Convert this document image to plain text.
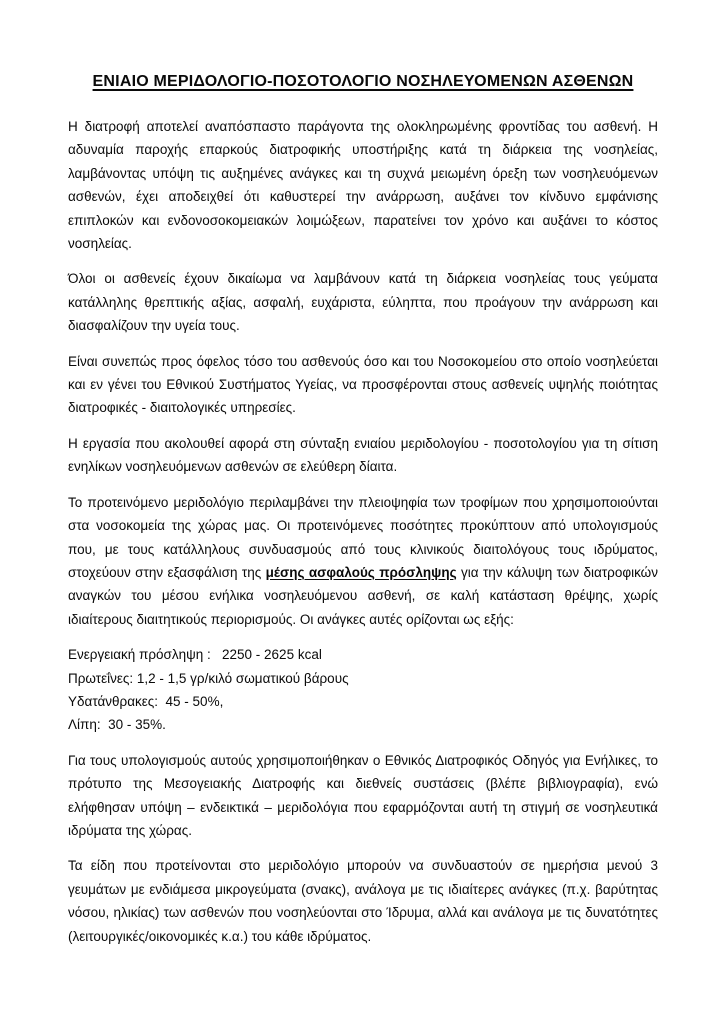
ΕΝΙΑΙΟ ΜΕΡΙΔΟΛΟΓΙΟ-ΠΟΣΟΤΟΛΟΓΙΟ ΝΟΣΗΛΕΥΟΜΕΝΩΝ ΑΣΘΕΝΩΝ

Η διατροφή αποτελεί αναπόσπαστο παράγοντα της ολοκληρωμένης φροντίδας του ασθενή. Η αδυναμία παροχής επαρκούς διατροφικής υποστήριξης κατά τη διάρκεια της νοσηλείας, λαμβάνοντας υπόψη τις αυξημένες ανάγκες και τη συχνά μειωμένη όρεξη των νοσηλευόμενων ασθενών, έχει αποδειχθεί ότι καθυστερεί την ανάρρωση, αυξάνει τον κίνδυνο εμφάνισης επιπλοκών και ενδονοσοκομειακών λοιμώξεων, παρατείνει τον χρόνο και αυξάνει το κόστος νοσηλείας.

Όλοι οι ασθενείς έχουν δικαίωμα να λαμβάνουν κατά τη διάρκεια νοσηλείας τους γεύματα κατάλληλης θρεπτικής αξίας, ασφαλή, ευχάριστα, εύληπτα, που προάγουν την ανάρρωση και διασφαλίζουν την υγεία τους.

Είναι συνεπώς προς όφελος τόσο του ασθενούς όσο και του Νοσοκομείου στο οποίο νοσηλεύεται και εν γένει του Εθνικού Συστήματος Υγείας, να προσφέρονται στους ασθενείς υψηλής ποιότητας διατροφικές - διαιτολογικές υπηρεσίες.

Η εργασία που ακολουθεί αφορά στη σύνταξη ενιαίου μεριδολογίου - ποσοτολογίου για τη σίτιση ενηλίκων νοσηλευόμενων ασθενών σε ελεύθερη δίαιτα.

Το προτεινόμενο μεριδολόγιο περιλαμβάνει την πλειοψηφία των τροφίμων που χρησιμοποιούνται στα νοσοκομεία της χώρας μας. Οι προτεινόμενες ποσότητες προκύπτουν από υπολογισμούς που, με τους κατάλληλους συνδυασμούς από τους κλινικούς διαιτολόγους τους ιδρύματος, στοχεύουν στην εξασφάλιση της μέσης ασφαλούς πρόσληψης για την κάλυψη των διατροφικών αναγκών του μέσου ενήλικα νοσηλευόμενου ασθενή, σε καλή κατάσταση θρέψης, χωρίς ιδιαίτερους διαιτητικούς περιορισμούς. Οι ανάγκες αυτές ορίζονται ως εξής:

Ενεργειακή πρόσληψη :   2250 - 2625 kcal
Πρωτεΐνες: 1,2 - 1,5 γρ/κιλό σωματικού βάρους
Υδατάνθρακες:  45 - 50%,
Λίπη:  30 - 35%.

Για τους υπολογισμούς αυτούς χρησιμοποιήθηκαν ο Εθνικός Διατροφικός Οδηγός για Ενήλικες, το πρότυπο της Μεσογειακής Διατροφής και διεθνείς συστάσεις (βλέπε βιβλιογραφία), ενώ ελήφθησαν υπόψη – ενδεικτικά – μεριδολόγια που εφαρμόζονται αυτή τη στιγμή σε νοσηλευτικά ιδρύματα της χώρας.

Τα είδη που προτείνονται στο μεριδολόγιο μπορούν να συνδυαστούν σε ημερήσια μενού 3 γευμάτων με ενδιάμεσα μικρογεύματα (σνακς), ανάλογα με τις ιδιαίτερες ανάγκες (π.χ. βαρύτητας νόσου, ηλικίας) των ασθενών που νοσηλεύονται στο Ίδρυμα, αλλά και ανάλογα με τις δυνατότητες (λειτουργικές/οικονομικές κ.α.) του κάθε ιδρύματος.
